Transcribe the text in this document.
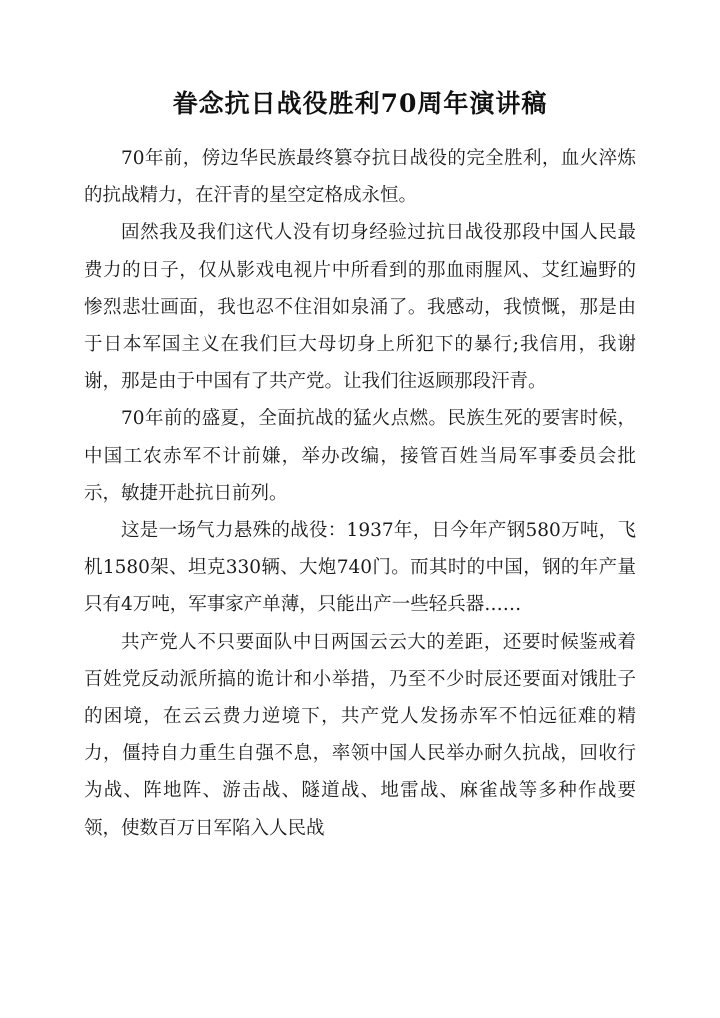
眷念抗日战役胜利70周年演讲稿

70年前，傍边华民族最终篡夺抗日战役的完全胜利，血火淬炼的抗战精力，在汗青的星空定格成永恒。

固然我及我们这代人没有切身经验过抗日战役那段中国人民最费力的日子，仅从影戏电视片中所看到的那血雨腥风、艾红遍野的惨烈悲壮画面，我也忍不住泪如泉涌了。我感动，我愤慨，那是由于日本军国主义在我们巨大母切身上所犯下的暴行;我信用，我谢谢，那是由于中国有了共产党。让我们往返顾那段汗青。

70年前的盛夏，全面抗战的猛火点燃。民族生死的要害时候，中国工农赤军不计前嫌，举办改编，接管百姓当局军事委员会批示，敏捷开赴抗日前列。

这是一场气力悬殊的战役：1937年，日今年产钢580万吨，飞机1580架、坦克330辆、大炮740门。而其时的中国，钢的年产量只有4万吨，军事家产单薄，只能出产一些轻兵器……

共产党人不只要面队中日两国云云大的差距，还要时候鉴戒着百姓党反动派所搞的诡计和小举措，乃至不少时辰还要面对饿肚子的困境，在云云费力逆境下，共产党人发扬赤军不怕远征难的精力，僵持自力重生自强不息，率领中国人民举办耐久抗战，回收行为战、阵地阵、游击战、隧道战、地雷战、麻雀战等多种作战要领，使数百万日军陷入人民战
